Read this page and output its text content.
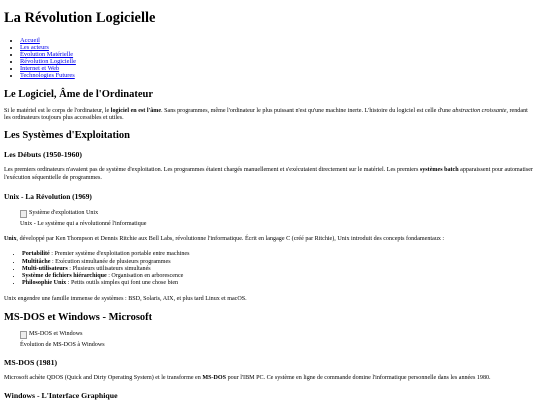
La Révolution Logicielle
• Accueil
• Les acteurs
• Évolution Matérielle
• Révolution Logicielle
• Internet et Web
• Technologies Futures
Le Logiciel, Âme de l'Ordinateur

Si le matériel est le corps de l'ordinateur, le logiciel en est l'âme. Sans programmes, même l'ordinateur le plus puissant n'est qu'une machine inerte. L'histoire du logiciel est celle d'une abstraction croissante, rendant les ordinateurs toujours plus accessibles et utiles.

Les Systèmes d'Exploitation
Les Débuts (1950-1960)

Les premiers ordinateurs n'avaient pas de système d'exploitation. Les programmes étaient chargés manuellement et s'exécutaient directement sur le matériel. Les premiers systèmes batch apparaissent pour automatiser l'exécution séquentielle de programmes.

Unix - La Révolution (1969)
Système d'exploitation Unix
Unix - Le système qui a révolutionné l'informatique

Unix, développé par Ken Thompson et Dennis Ritchie aux Bell Labs, révolutionne l'informatique. Écrit en langage C (créé par Ritchie), Unix introduit des concepts fondamentaux :

• Portabilité : Premier système d'exploitation portable entre machines
• Multitâche : Exécution simultanée de plusieurs programmes
• Multi-utilisateurs : Plusieurs utilisateurs simultanés
• Système de fichiers hiérarchique : Organisation en arborescence
• Philosophie Unix : Petits outils simples qui font une chose bien

Unix engendre une famille immense de systèmes : BSD, Solaris, AIX, et plus tard Linux et macOS.

MS-DOS et Windows - Microsoft
MS-DOS et Windows
Évolution de MS-DOS à Windows
MS-DOS (1981)

Microsoft achète QDOS (Quick and Dirty Operating System) et le transforme en MS-DOS pour l'IBM PC. Ce système en ligne de commande domine l'informatique personnelle dans les années 1980.

Windows - L'Interface Graphique
